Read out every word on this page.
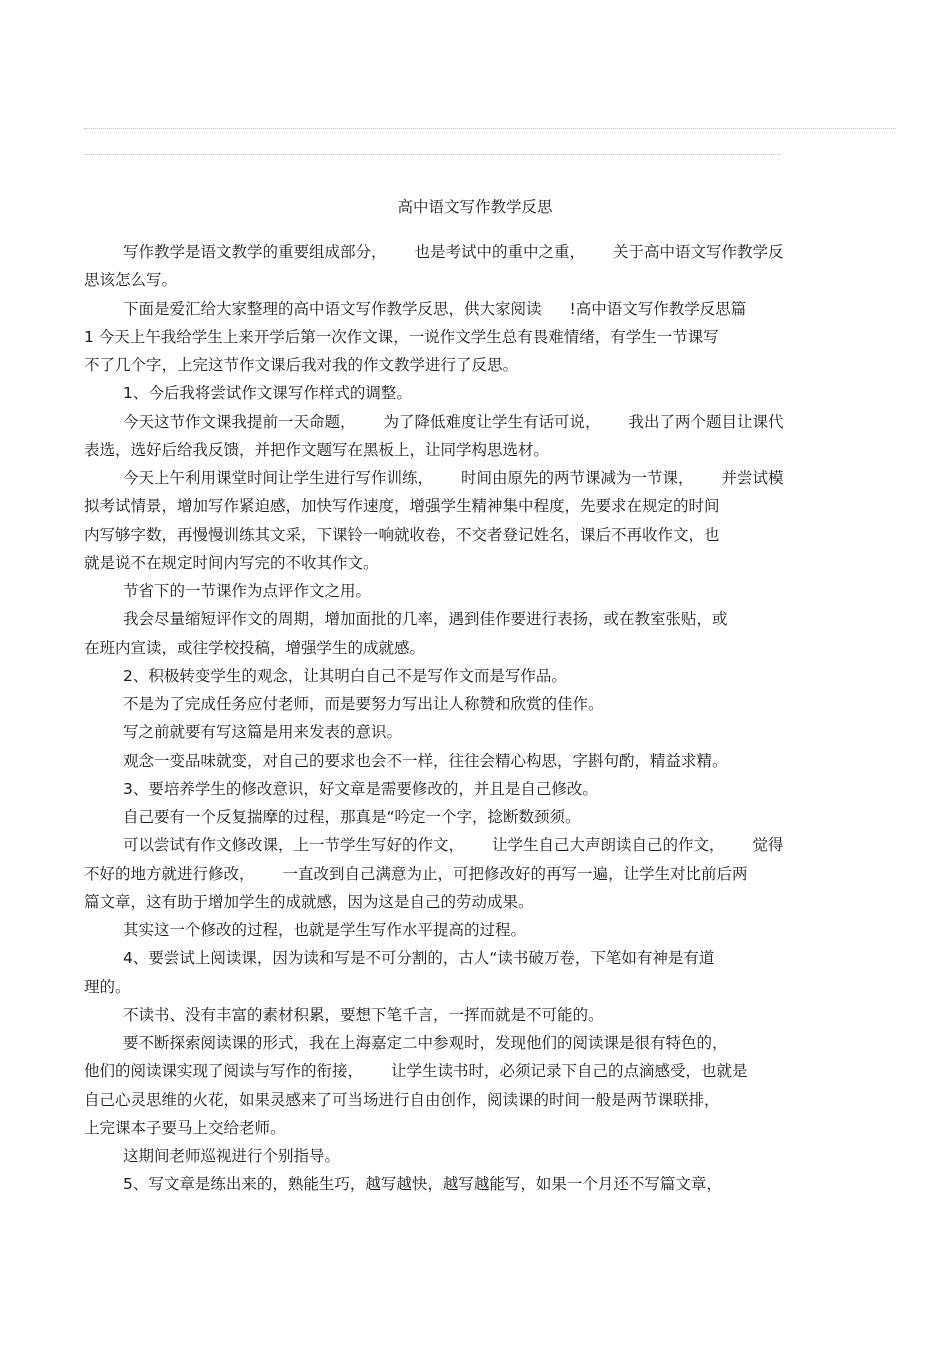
高中语文写作教学反思
写作教学是语文教学的重要组成部分， 也是考试中的重中之重， 关于高中语文写作教学反
思该怎么写。
下面是爱汇给大家整理的高中语文写作教学反思，供大家阅读 !高中语文写作教学反思篇
1 今天上午我给学生上来开学后第一次作文课，一说作文学生总有畏难情绪，有学生一节课写
不了几个字，上完这节作文课后我对我的作文教学进行了反思。
1、今后我将尝试作文课写作样式的调整。
今天这节作文课我提前一天命题， 为了降低难度让学生有话可说， 我出了两个题目让课代
表选，选好后给我反馈，并把作文题写在黑板上，让同学构思选材。
今天上午利用课堂时间让学生进行写作训练， 时间由原先的两节课减为一节课， 并尝试模
拟考试情景，增加写作紧迫感，加快写作速度，增强学生精神集中程度，先要求在规定的时间
内写够字数，再慢慢训练其文采，下课铃一响就收卷，不交者登记姓名，课后不再收作文，也
就是说不在规定时间内写完的不收其作文。
节省下的一节课作为点评作文之用。
我会尽量缩短评作文的周期，增加面批的几率，遇到佳作要进行表扬，或在教室张贴，或
在班内宣读，或往学校投稿，增强学生的成就感。
2、积极转变学生的观念，让其明白自己不是写作文而是写作品。
不是为了完成任务应付老师，而是要努力写出让人称赞和欣赏的佳作。
写之前就要有写这篇是用来发表的意识。
观念一变品味就变，对自己的要求也会不一样，往往会精心构思，字斟句酌，精益求精。
3、要培养学生的修改意识，好文章是需要修改的，并且是自己修改。
自己要有一个反复揣摩的过程，那真是“吟定一个字，捻断数颈须。
可以尝试有作文修改课，上一节学生写好的作文， 让学生自己大声朗读自己的作文， 觉得
不好的地方就进行修改， 一直改到自己满意为止，可把修改好的再写一遍，让学生对比前后两
篇文章，这有助于增加学生的成就感，因为这是自己的劳动成果。
其实这一个修改的过程，也就是学生写作水平提高的过程。
4、要尝试上阅读课，因为读和写是不可分割的，古人“读书破万卷，下笔如有神是有道
理的。
不读书、没有丰富的素材积累，要想下笔千言，一挥而就是不可能的。
要不断探索阅读课的形式，我在上海嘉定二中参观时，发现他们的阅读课是很有特色的，
他们的阅读课实现了阅读与写作的衔接， 让学生读书时，必须记录下自己的点滴感受，也就是
自己心灵思维的火花，如果灵感来了可当场进行自由创作，阅读课的时间一般是两节课联排，
上完课本子要马上交给老师。
这期间老师巡视进行个别指导。
5、写文章是练出来的，熟能生巧，越写越快，越写越能写，如果一个月还不写篇文章，
